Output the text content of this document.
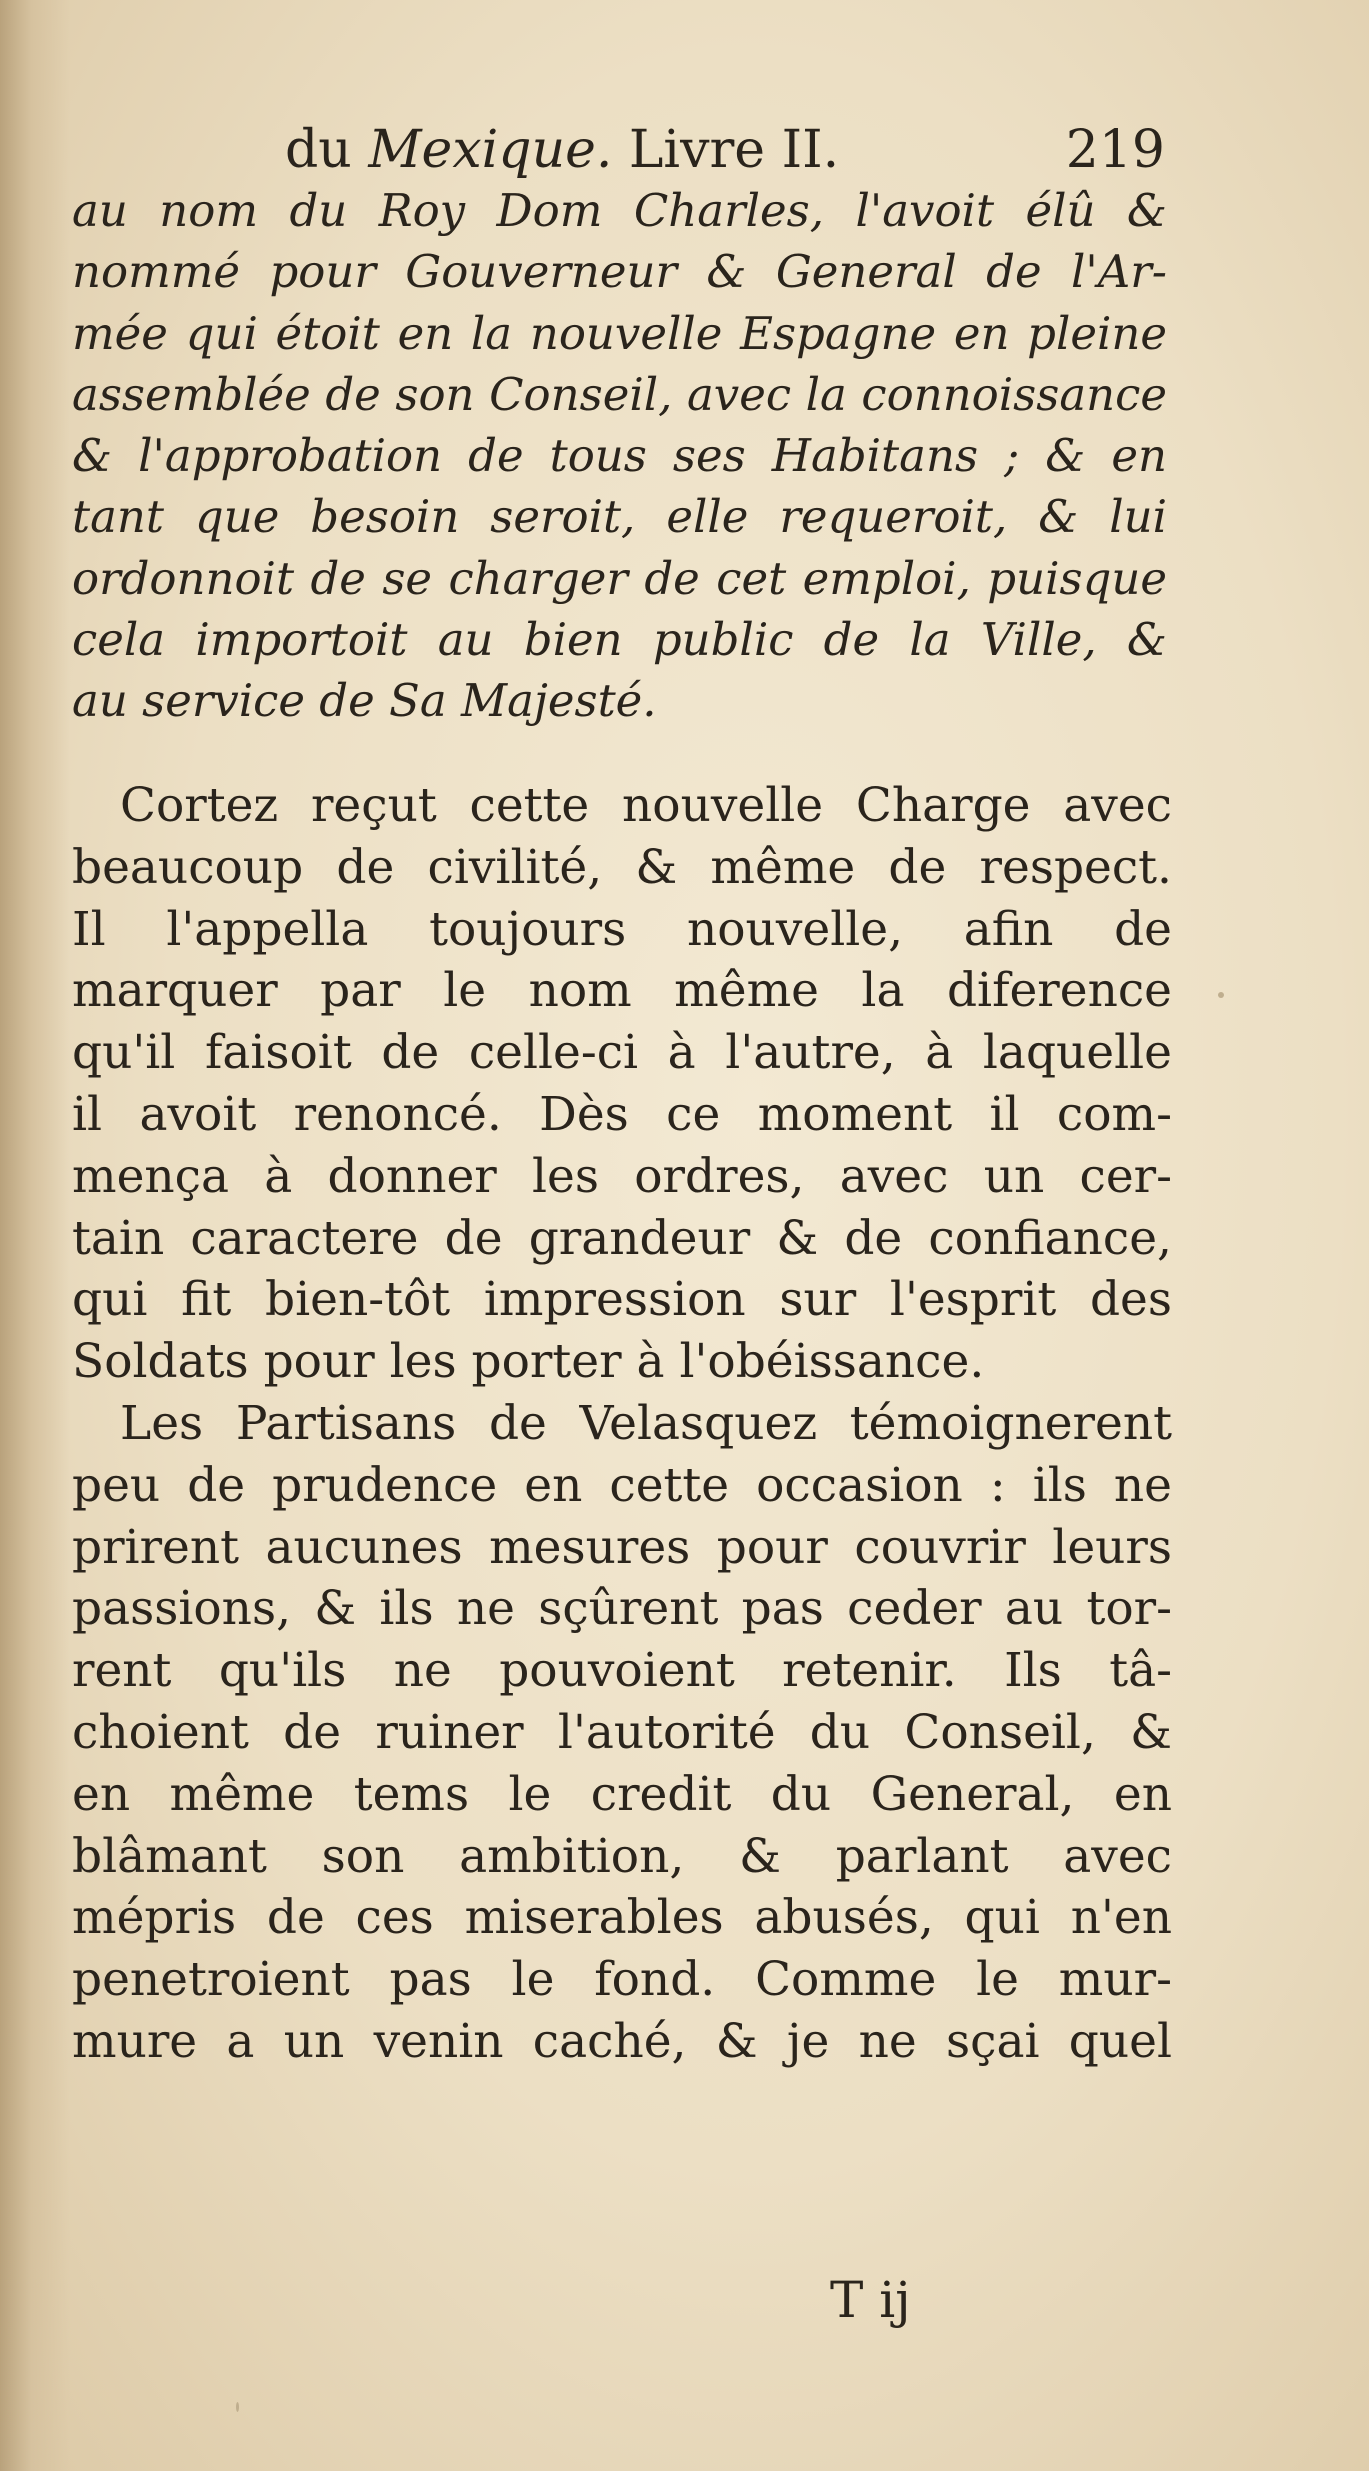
du Mexique. Livre II.	219
au nom du Roy Dom Charles, l'avoit élû &
nommé pour Gouverneur & General de l'Ar-
mée qui étoit en la nouvelle Espagne en pleine
assemblée de son Conseil, avec la connoissance
& l'approbation de tous ses Habitans ; & en
tant que besoin seroit, elle requeroit, & lui
ordonnoit de se charger de cet emploi, puisque
cela importoit au bien public de la Ville, &
au service de Sa Majesté.
Cortez reçut cette nouvelle Charge avec
beaucoup de civilité, & même de respect.
Il l'appella toujours nouvelle, afin de
marquer par le nom même la diference
qu'il faisoit de celle-ci à l'autre, à laquelle
il avoit renoncé. Dès ce moment il com-
mença à donner les ordres, avec un cer-
tain caractere de grandeur & de confiance,
qui fit bien-tôt impression sur l'esprit des
Soldats pour les porter à l'obéissance.
Les Partisans de Velasquez témoignerent
peu de prudence en cette occasion : ils ne
prirent aucunes mesures pour couvrir leurs
passions, & ils ne sçûrent pas ceder au tor-
rent qu'ils ne pouvoient retenir. Ils tâ-
choient de ruiner l'autorité du Conseil, &
en même tems le credit du General, en
blâmant son ambition, & parlant avec
mépris de ces miserables abusés, qui n'en
penetroient pas le fond. Comme le mur-
mure a un venin caché, & je ne sçai quel
T ij
